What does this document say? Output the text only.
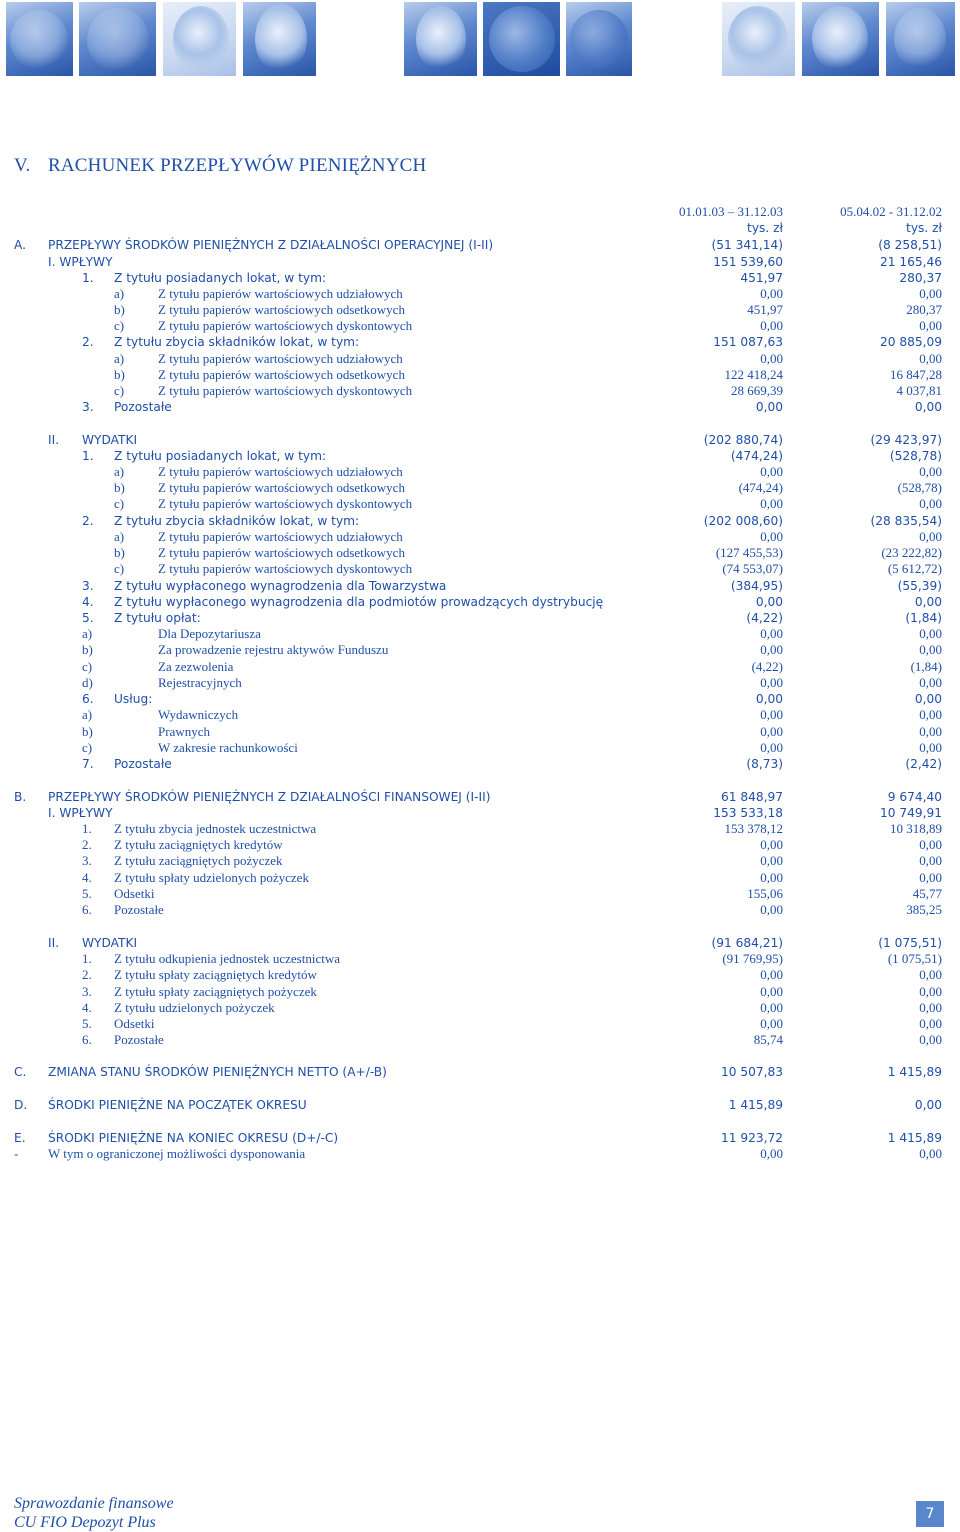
V. RACHUNEK PRZEPŁYWÓW PIENIĘŻNYCH
01.01.03 – 31.12.03	05.04.02 - 31.12.02
tys. zł	tys. zł
A. PRZEPŁYWY ŚRODKÓW PIENIĘŻNYCH Z DZIAŁALNOŚCI OPERACYJNEJ (I-II)	(51 341,14)	(8 258,51)
I. WPŁYWY	151 539,60	21 165,46
1. Z tytułu posiadanych lokat, w tym:	451,97	280,37
a)	Z tytułu papierów wartościowych udziałowych	0,00	0,00
b)	Z tytułu papierów wartościowych odsetkowych	451,97	280,37
c)	Z tytułu papierów wartościowych dyskontowych	0,00	0,00
2. Z tytułu zbycia składników lokat, w tym:	151 087,63	20 885,09
a)	Z tytułu papierów wartościowych udziałowych	0,00	0,00
b)	Z tytułu papierów wartościowych odsetkowych	122 418,24	16 847,28
c)	Z tytułu papierów wartościowych dyskontowych	28 669,39	4 037,81
3. Pozostałe	0,00	0,00
II. WYDATKI	(202 880,74)	(29 423,97)
1. Z tytułu posiadanych lokat, w tym:	(474,24)	(528,78)
a)	Z tytułu papierów wartościowych udziałowych	0,00	0,00
b)	Z tytułu papierów wartościowych odsetkowych	(474,24)	(528,78)
c)	Z tytułu papierów wartościowych dyskontowych	0,00	0,00
2. Z tytułu zbycia składników lokat, w tym:	(202 008,60)	(28 835,54)
a)	Z tytułu papierów wartościowych udziałowych	0,00	0,00
b)	Z tytułu papierów wartościowych odsetkowych	(127 455,53)	(23 222,82)
c)	Z tytułu papierów wartościowych dyskontowych	(74 553,07)	(5 612,72)
3. Z tytułu wypłaconego wynagrodzenia dla Towarzystwa	(384,95)	(55,39)
4. Z tytułu wypłaconego wynagrodzenia dla podmiotów prowadzących dystrybucję	0,00	0,00
5. Z tytułu opłat:	(4,22)	(1,84)
a)	Dla Depozytariusza	0,00	0,00
b)	Za prowadzenie rejestru aktywów Funduszu	0,00	0,00
c)	Za zezwolenia	(4,22)	(1,84)
d)	Rejestracyjnych	0,00	0,00
6. Usług:	0,00	0,00
a)	Wydawniczych	0,00	0,00
b)	Prawnych	0,00	0,00
c)	W zakresie rachunkowości	0,00	0,00
7. Pozostałe	(8,73)	(2,42)
B. PRZEPŁYWY ŚRODKÓW PIENIĘŻNYCH Z DZIAŁALNOŚCI FINANSOWEJ (I-II)	61 848,97	9 674,40
I. WPŁYWY	153 533,18	10 749,91
1. Z tytułu zbycia jednostek uczestnictwa	153 378,12	10 318,89
2. Z tytułu zaciągniętych kredytów	0,00	0,00
3. Z tytułu zaciągniętych pożyczek	0,00	0,00
4. Z tytułu spłaty udzielonych pożyczek	0,00	0,00
5. Odsetki	155,06	45,77
6. Pozostałe	0,00	385,25
II. WYDATKI	(91 684,21)	(1 075,51)
1. Z tytułu odkupienia jednostek uczestnictwa	(91 769,95)	(1 075,51)
2. Z tytułu spłaty zaciągniętych kredytów	0,00	0,00
3. Z tytułu spłaty zaciągniętych pożyczek	0,00	0,00
4. Z tytułu udzielonych pożyczek	0,00	0,00
5. Odsetki	0,00	0,00
6. Pozostałe	85,74	0,00
C. ZMIANA STANU ŚRODKÓW PIENIĘŻNYCH NETTO (A+/-B)	10 507,83	1 415,89
D. ŚRODKI PIENIĘŻNE NA POCZĄTEK OKRESU	1 415,89	0,00
E. ŚRODKI PIENIĘŻNE NA KONIEC OKRESU (D+/-C)	11 923,72	1 415,89
- W tym o ograniczonej możliwości dysponowania	0,00	0,00
Sprawozdanie finansowe
CU FIO Depozyt Plus	7
